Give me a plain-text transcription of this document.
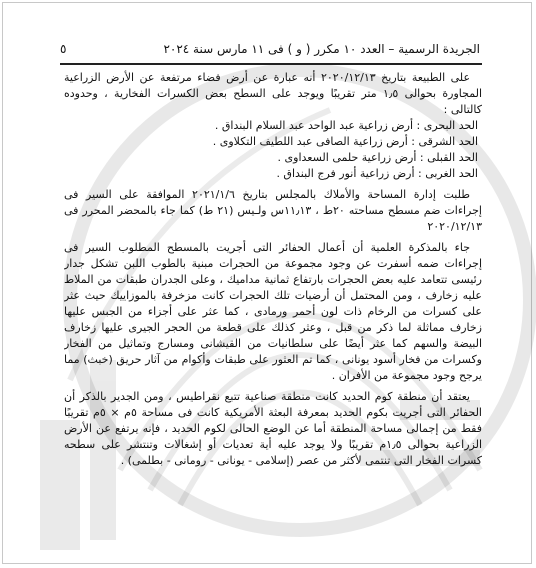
الجريدة الرسمية – العدد ١٠ مكرر ( و ) فى ١١ مارس سنة ٢٠٢٤
٥

على الطبيعة بتاريخ ٢٠٢٠/١٢/١٣ أنه عبارة عن أرض فضاء مرتفعة عن الأرض الزراعية المجاورة بحوالى ١٫٥ متر تقريبًا ويوجد على السطح بعض الكسرات الفخارية ، وحدوده كالتالى :

الحد البحرى : أرض زراعية عبد الواحد عبد السلام البنداق .

الحد الشرقى : أرض زراعية الصافى عبد اللطيف التكلاوى .

الحد القبلى : أرض زراعية حلمى السعداوى .

الحد الغربى : أرض زراعية أنور فرج البنداق .

طلبت إدارة المساحة والأملاك بالمجلس بتاريخ ٢٠٢١/١/٦ الموافقة على السير فى إجراءات ضم مسطح مساحته ٢٠ط ، ١١٫١٣س ولـيس (٢١ ط) كما جاء بالمحضر المحرر فى ٢٠٢٠/١٢/١٣

جاء بالمذكرة العلمية أن أعمال الحفائر التى أجريت بالمسطح المطلوب السير فى إجراءات ضمه أسفرت عن وجود مجموعة من الحجرات مبنية بالطوب اللبن تشكل جدار رئيسى تتعامد عليه بعض الحجرات بارتفاع ثمانية مداميك ، وعلى الجدران طبقات من الملاط عليه زخارف ، ومن المحتمل أن أرضيات تلك الحجرات كانت مزخرفة بالموزاييك حيث عثر على كسرات من الرخام ذات لون أحمر ورمادى ، كما عثر على أجزاء من الجبس عليها زخارف مماثلة لما ذكر من قبل ، وعثر كذلك على قطعة من الحجر الجيرى عليها زخارف البيضة والسهم كما عثر أيضًا على سلطانيات من القيشانى ومسارج وتماثيل من الفخار وكسرات من فخار أسود يونانى ، كما تم العثور على طبقات وأكوام من آثار حريق (خبث) مما يرجح وجود مجموعة من الأفران .

يعتقد أن منطقة كوم الحديد كانت منطقة صناعية تتبع نقراطيس ، ومن الجدير بالذكر أن الحفائر التى أجريت بكوم الحديد بمعرفة البعثة الأمريكية كانت فى مساحة ٥م × ٥م تقريبًا فقط من إجمالى مساحة المنطقة أما عن الوضع الحالى لكوم الحديد ، فإنه يرتفع عن الأرض الزراعية بحوالى ١٫٥م تقريبًا ولا يوجد عليه أية تعديات أو إشغالات وتنتشر على سطحه كسرات الفخار التى تنتمى لأكثر من عصر (إسلامى - يونانى - رومانى - بطلمى) .
